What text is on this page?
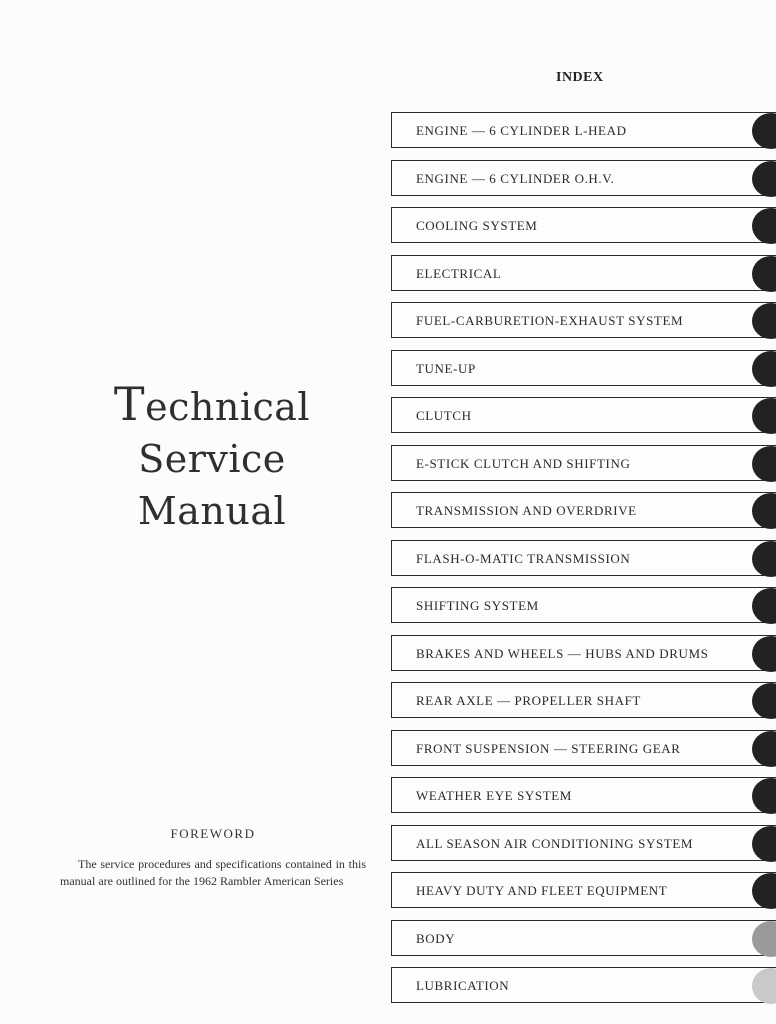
Technical
Service
Manual
FOREWORD
The service procedures and specifications contained in this manual are outlined for the 1962 Rambler American Series
INDEX
ENGINE — 6 CYLINDER L-HEAD
ENGINE — 6 CYLINDER O.H.V.
COOLING SYSTEM
ELECTRICAL
FUEL-CARBURETION-EXHAUST SYSTEM
TUNE-UP
CLUTCH
E-STICK CLUTCH AND SHIFTING
TRANSMISSION AND OVERDRIVE
FLASH-O-MATIC TRANSMISSION
SHIFTING SYSTEM
BRAKES AND WHEELS — HUBS AND DRUMS
REAR AXLE — PROPELLER SHAFT
FRONT SUSPENSION — STEERING GEAR
WEATHER EYE SYSTEM
ALL SEASON AIR CONDITIONING SYSTEM
HEAVY DUTY AND FLEET EQUIPMENT
BODY
LUBRICATION
